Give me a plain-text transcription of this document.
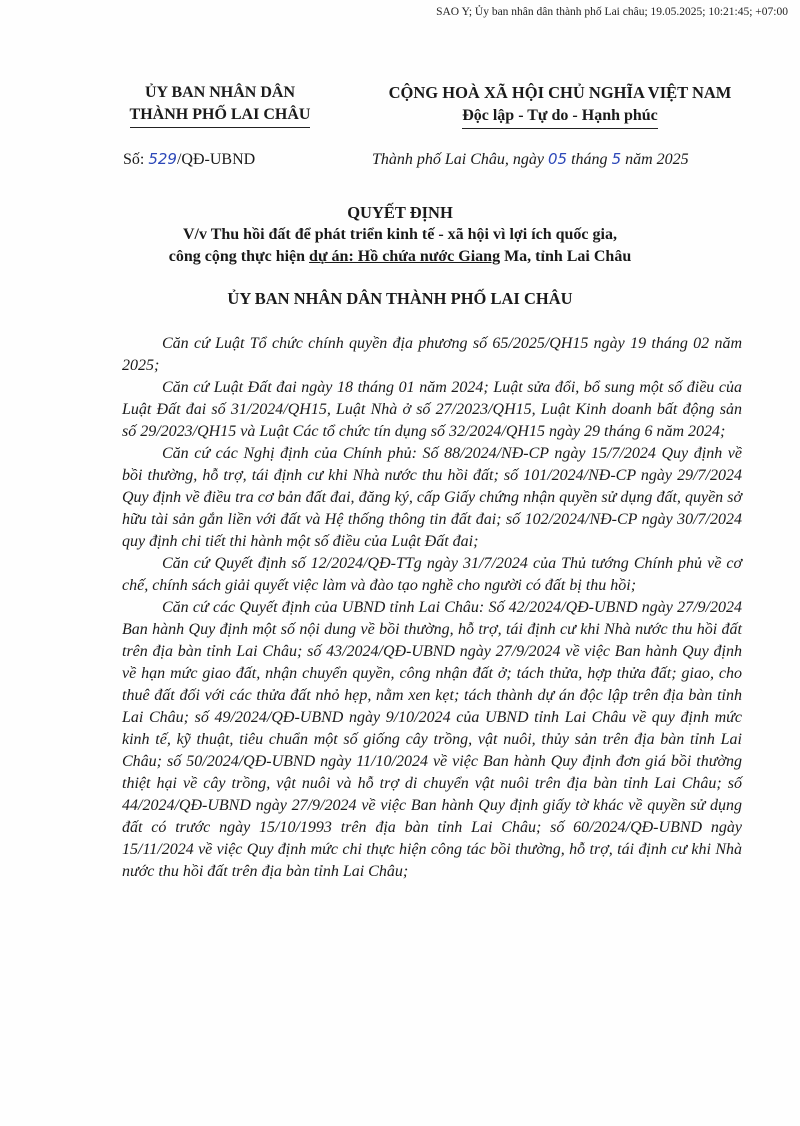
SAO Y; Ủy ban nhân dân thành phố Lai châu; 19.05.2025; 10:21:45; +07:00
ỦY BAN NHÂN DÂN
THÀNH PHỐ LAI CHÂU
CỘNG HOÀ XÃ HỘI CHỦ NGHĨA VIỆT NAM
Độc lập - Tự do - Hạnh phúc
Số: 529/QĐ-UBND	Thành phố Lai Châu, ngày 05 tháng 5 năm 2025
QUYẾT ĐỊNH
V/v Thu hồi đất để phát triển kinh tế - xã hội vì lợi ích quốc gia,
công cộng thực hiện dự án: Hồ chứa nước Giang Ma, tỉnh Lai Châu
ỦY BAN NHÂN DÂN THÀNH PHỐ LAI CHÂU

Căn cứ Luật Tổ chức chính quyền địa phương số 65/2025/QH15 ngày 19 tháng 02 năm 2025;

Căn cứ Luật Đất đai ngày 18 tháng 01 năm 2024; Luật sửa đổi, bổ sung một số điều của Luật Đất đai số 31/2024/QH15, Luật Nhà ở số 27/2023/QH15, Luật Kinh doanh bất động sản số 29/2023/QH15 và Luật Các tổ chức tín dụng số 32/2024/QH15 ngày 29 tháng 6 năm 2024;

Căn cứ các Nghị định của Chính phủ: Số 88/2024/NĐ-CP ngày 15/7/2024 Quy định về bồi thường, hỗ trợ, tái định cư khi Nhà nước thu hồi đất; số 101/2024/NĐ-CP ngày 29/7/2024 Quy định về điều tra cơ bản đất đai, đăng ký, cấp Giấy chứng nhận quyền sử dụng đất, quyền sở hữu tài sản gắn liền với đất và Hệ thống thông tin đất đai; số 102/2024/NĐ-CP ngày 30/7/2024 quy định chi tiết thi hành một số điều của Luật Đất đai;

Căn cứ Quyết định số 12/2024/QĐ-TTg ngày 31/7/2024 của Thủ tướng Chính phủ về cơ chế, chính sách giải quyết việc làm và đào tạo nghề cho người có đất bị thu hồi;

Căn cứ các Quyết định của UBND tỉnh Lai Châu: Số 42/2024/QĐ-UBND ngày 27/9/2024 Ban hành Quy định một số nội dung về bồi thường, hỗ trợ, tái định cư khi Nhà nước thu hồi đất trên địa bàn tỉnh Lai Châu; số 43/2024/QĐ-UBND ngày 27/9/2024 về việc Ban hành Quy định về hạn mức giao đất, nhận chuyển quyền, công nhận đất ở; tách thửa, hợp thửa đất; giao, cho thuê đất đối với các thửa đất nhỏ hẹp, nằm xen kẹt; tách thành dự án độc lập trên địa bàn tỉnh Lai Châu; số 49/2024/QĐ-UBND ngày 9/10/2024 của UBND tỉnh Lai Châu về quy định mức kinh tế, kỹ thuật, tiêu chuẩn một số giống cây trồng, vật nuôi, thủy sản trên địa bàn tỉnh Lai Châu; số 50/2024/QĐ-UBND ngày 11/10/2024 về việc Ban hành Quy định đơn giá bồi thường thiệt hại về cây trồng, vật nuôi và hỗ trợ di chuyển vật nuôi trên địa bàn tỉnh Lai Châu; số 44/2024/QĐ-UBND ngày 27/9/2024 về việc Ban hành Quy định giấy tờ khác về quyền sử dụng đất có trước ngày 15/10/1993 trên địa bàn tỉnh Lai Châu; số 60/2024/QĐ-UBND ngày 15/11/2024 về việc Quy định mức chi thực hiện công tác bồi thường, hỗ trợ, tái định cư khi Nhà nước thu hồi đất trên địa bàn tỉnh Lai Châu;
